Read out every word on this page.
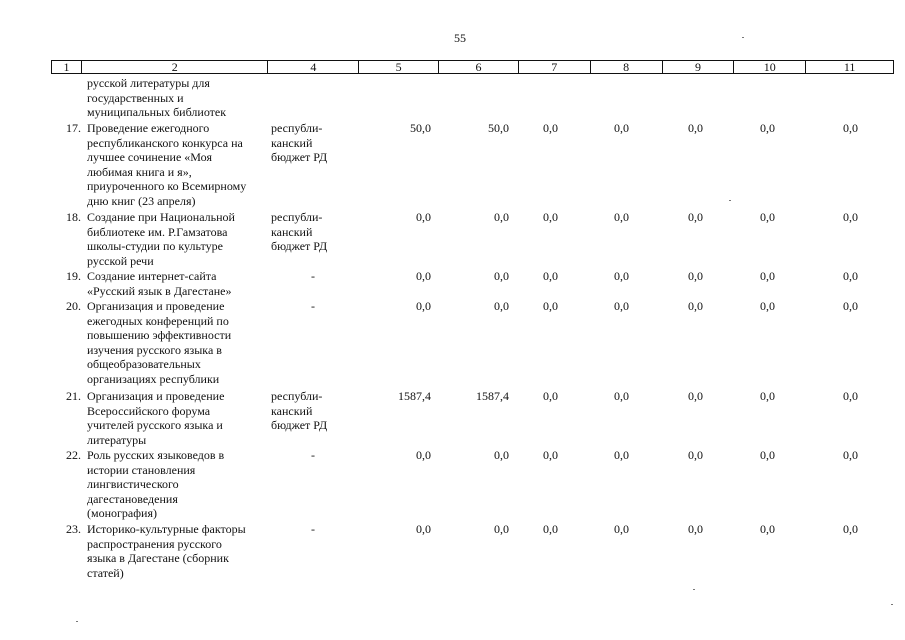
55
1	2	4	5	6	7	8	9	10	11
русской литературы для
государственных и
муниципальных библиотек
17. Проведение ежегодного
республиканского конкурса на
лучшее сочинение «Моя
любимая книга и я»,
приуроченного ко Всемирному
дню книг (23 апреля)
республи-
канский
бюджет РД
50,0	50,0	0,0	0,0	0,0	0,0	0,0
18. Создание при Национальной
библиотеке им. Р.Гамзатова
школы-студии по культуре
русской речи
республи-
канский
бюджет РД
0,0	0,0	0,0	0,0	0,0	0,0	0,0
19. Создание интернет-сайта
«Русский язык в Дагестане»
-	0,0	0,0	0,0	0,0	0,0	0,0	0,0
20. Организация и проведение
ежегодных конференций по
повышению эффективности
изучения русского языка в
общеобразовательных
организациях республики
-	0,0	0,0	0,0	0,0	0,0	0,0	0,0
21. Организация и проведение
Всероссийского форума
учителей русского языка и
литературы
республи-
канский
бюджет РД
1587,4	1587,4	0,0	0,0	0,0	0,0	0,0
22. Роль русских языковедов в
истории становления
лингвистического
дагестановедения
(монография)
-	0,0	0,0	0,0	0,0	0,0	0,0	0,0
23. Историко-культурные факторы
распространения русского
языка в Дагестане (сборник
статей)
-	0,0	0,0	0,0	0,0	0,0	0,0	0,0
